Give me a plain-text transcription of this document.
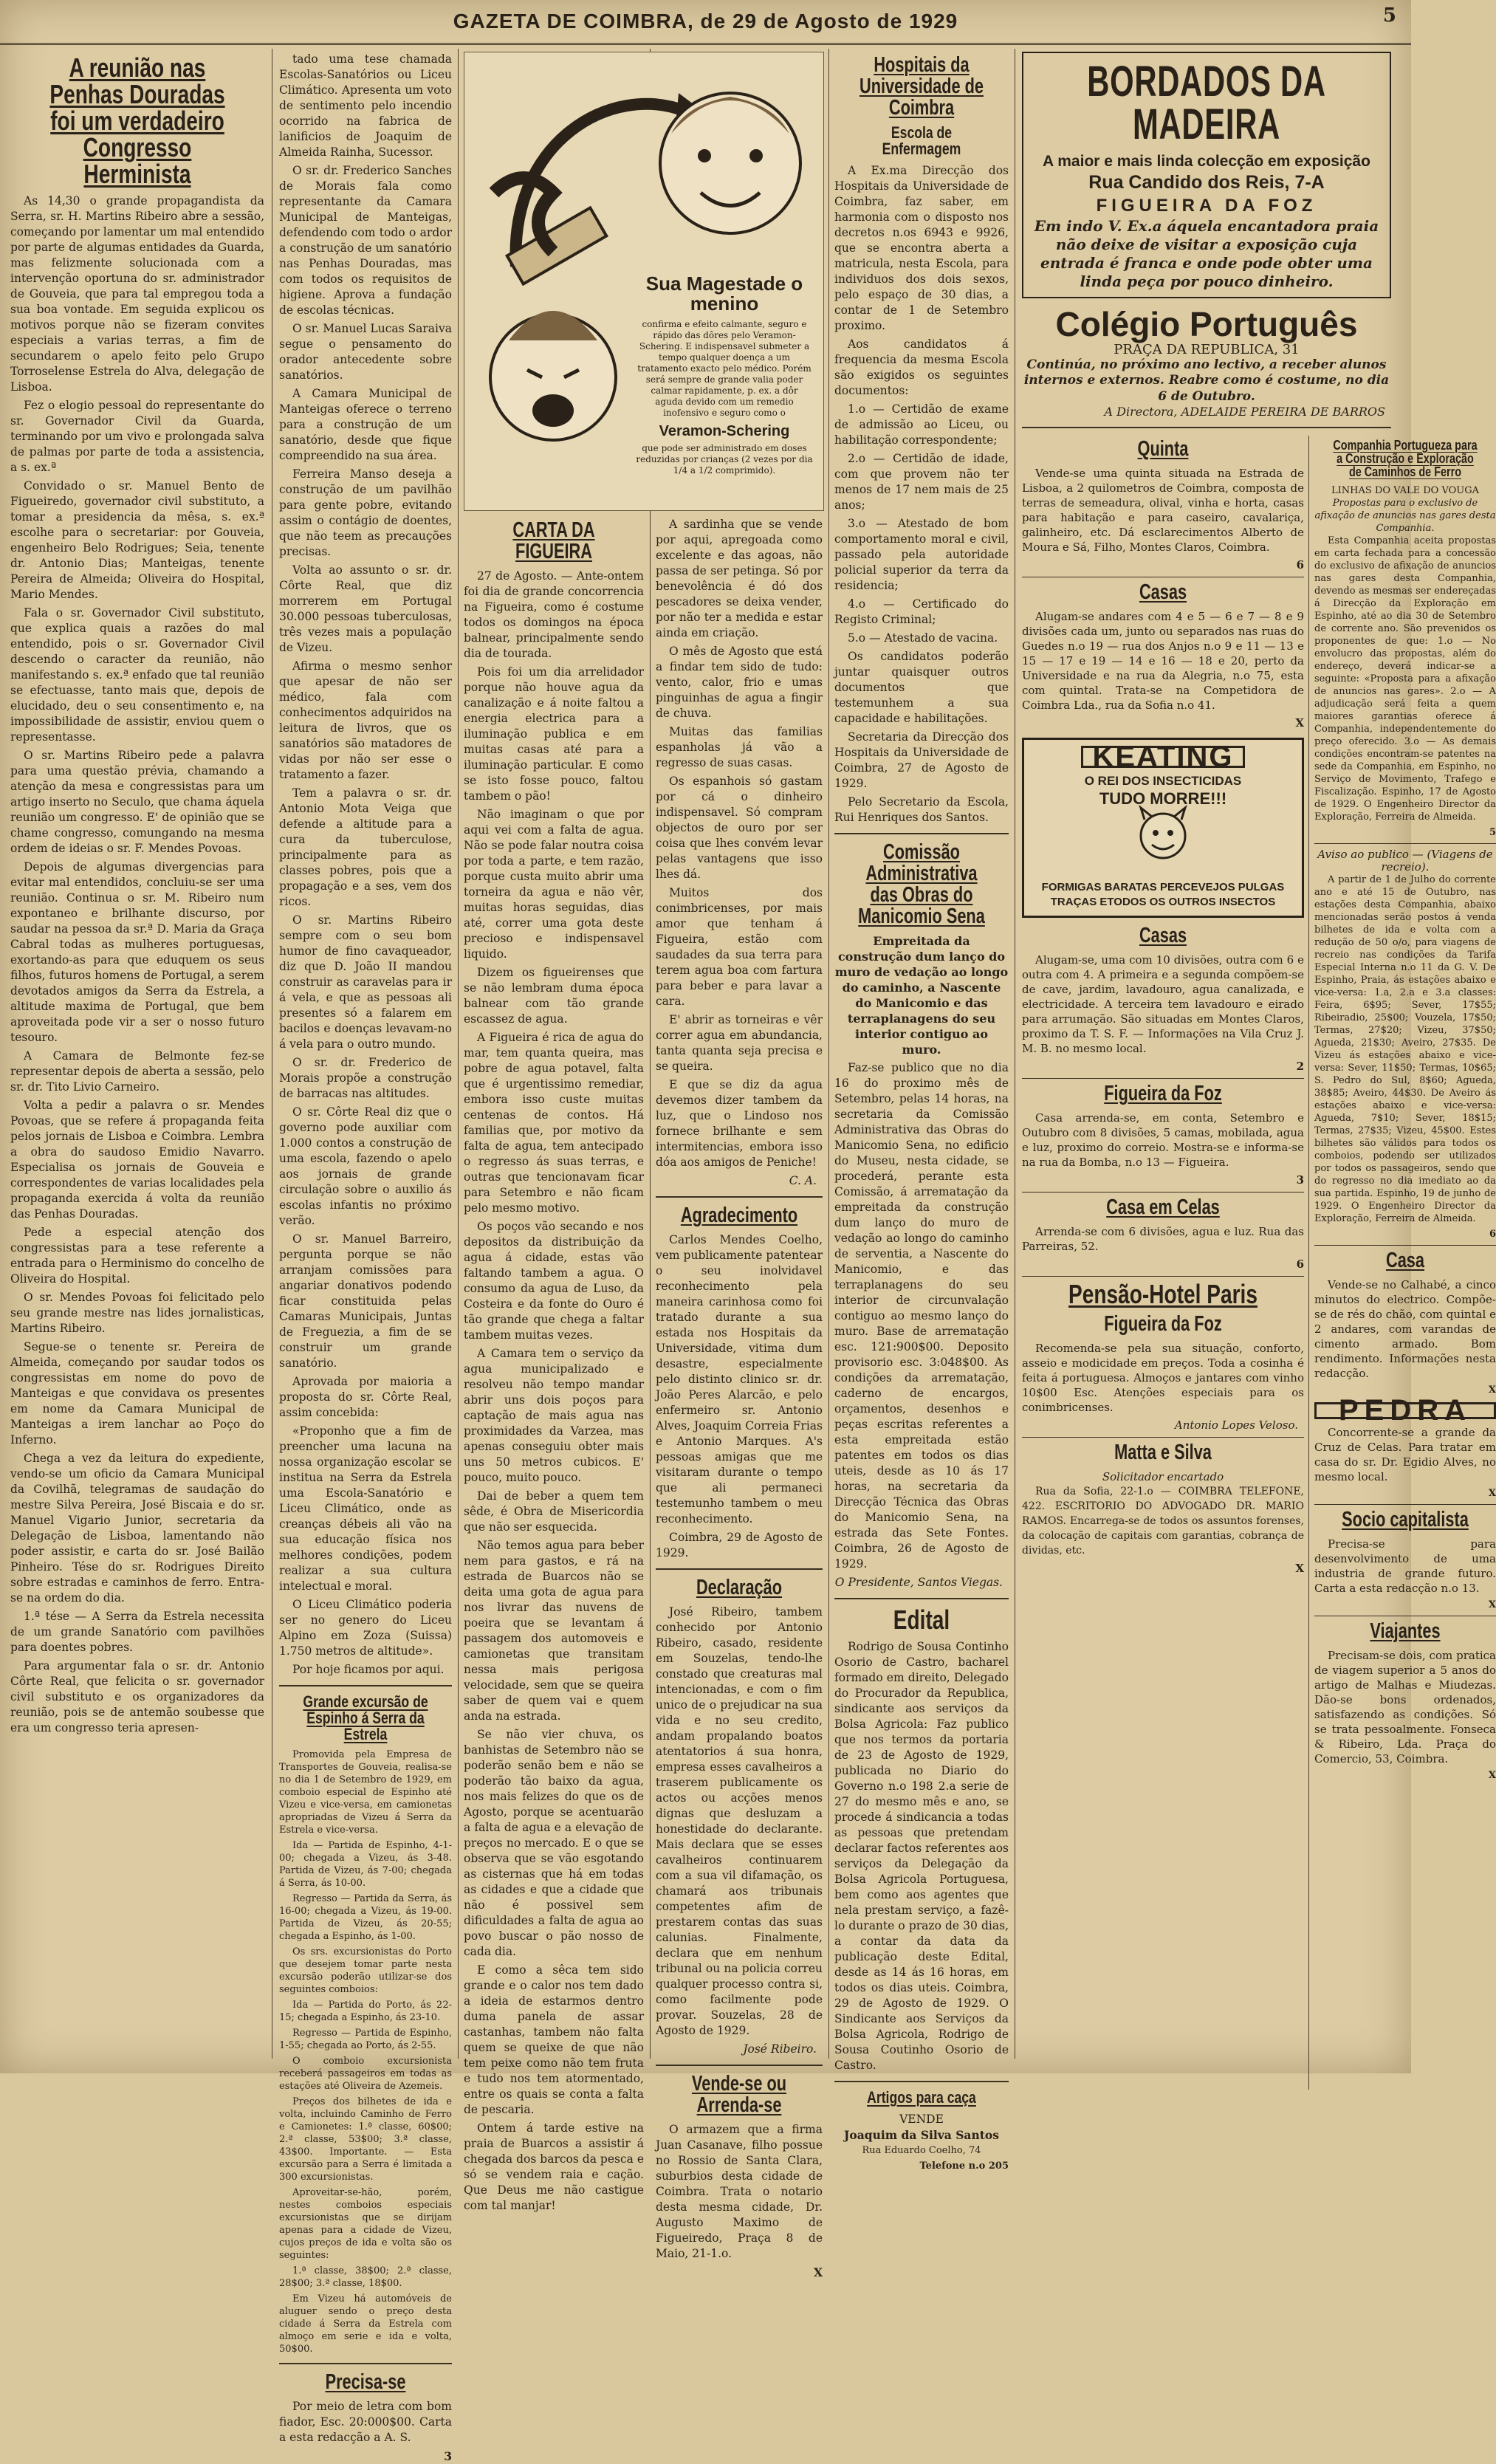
GAZETA DE COIMBRA, de 29 de Agosto de 1929	5
A reunião nas Penhas Douradas foi um verdadeiro Congresso Herminista

As 14,30 o grande propagandista da Serra, sr. H. Martins Ribeiro abre a sessão, começando por lamentar um mal entendido por parte de algumas entidades da Guarda, mas felizmente solucionada com a intervenção oportuna do sr. administrador de Gouveia, que para tal empregou toda a sua boa vontade. Em seguida explicou os motivos porque não se fizeram convites especiais a varias terras, a fim de secundarem o apelo feito pelo Grupo Torroselense Estrela do Alva, delegação de Lisboa.

Fez o elogio pessoal do representante do sr. Governador Civil da Guarda, terminando por um vivo e prolongada salva de palmas por parte de toda a assistencia, a s. ex.ª

Convidado o sr. Manuel Bento de Figueiredo, governador civil substituto, a tomar a presidencia da mêsa, s. ex.ª escolhe para o secretariar: por Gouveia, engenheiro Belo Rodrigues; Seia, tenente dr. Antonio Dias; Manteigas, tenente Pereira de Almeida; Oliveira do Hospital, Mario Mendes.

Fala o sr. Governador Civil substituto, que explica quais a razões do mal entendido, pois o sr. Governador Civil descendo o caracter da reunião, não manifestando s. ex.ª enfado que tal reunião se efectuasse, tanto mais que, depois de elucidado, deu o seu consentimento e, na impossibilidade de assistir, enviou quem o representasse.

O sr. Martins Ribeiro pede a palavra para uma questão prévia, chamando a atenção da mesa e congressistas para um artigo inserto no Seculo, que chama áquela reunião um congresso. E' de opinião que se chame congresso, comungando na mesma ordem de ideias o sr. F. Mendes Povoas.

Depois de algumas divergencias para evitar mal entendidos, concluiu-se ser uma reunião. Continua o sr. M. Ribeiro num expontaneo e brilhante discurso, por saudar na pessoa da sr.ª D. Maria da Graça Cabral todas as mulheres portuguesas, exortando-as para que eduquem os seus filhos, futuros homens de Portugal, a serem devotados amigos da Serra da Estrela, a altitude maxima de Portugal, que bem aproveitada pode vir a ser o nosso futuro tesouro.

A Camara de Belmonte fez-se representar depois de aberta a sessão, pelo sr. dr. Tito Livio Carneiro.

Volta a pedir a palavra o sr. Mendes Povoas, que se refere á propaganda feita pelos jornais de Lisboa e Coimbra. Lembra a obra do saudoso Emidio Navarro. Especialisa os jornais de Gouveia e correspondentes de varias localidades pela propaganda exercida á volta da reunião das Penhas Douradas.

Pede a especial atenção dos congressistas para a tese referente a entrada para o Herminismo do concelho de Oliveira do Hospital.

O sr. Mendes Povoas foi felicitado pelo seu grande mestre nas lides jornalisticas, Martins Ribeiro.

Segue-se o tenente sr. Pereira de Almeida, começando por saudar todos os congressistas em nome do povo de Manteigas e que convidava os presentes em nome da Camara Municipal de Manteigas a irem lanchar ao Poço do Inferno.

Chega a vez da leitura do expediente, vendo-se um oficio da Camara Municipal da Covilhã, telegramas de saudação do mestre Silva Pereira, José Biscaia e do sr. Manuel Vigario Junior, secretaria da Delegação de Lisboa, lamentando não poder assistir, e carta do sr. José Bailão Pinheiro. Tése do sr. Rodrigues Direito sobre estradas e caminhos de ferro. Entra-se na ordem do dia.

1.ª tése — A Serra da Estrela necessita de um grande Sanatório com pavilhões para doentes pobres.

Para argumentar fala o sr. dr. Antonio Côrte Real, que felicita o sr. governador civil substituto e os organizadores da reunião, pois se de antemão soubesse que era um congresso teria apresen-

tado uma tese chamada Escolas-Sanatórios ou Liceu Climático. Apresenta um voto de sentimento pelo incendio ocorrido na fabrica de lanificios de Joaquim de Almeida Rainha, Sucessor.

O sr. dr. Frederico Sanches de Morais fala como representante da Camara Municipal de Manteigas, defendendo com todo o ardor a construção de um sanatório nas Penhas Douradas, mas com todos os requisitos de higiene. Aprova a fundação de escolas técnicas.

O sr. Manuel Lucas Saraiva segue o pensamento do orador antecedente sobre sanatórios.

A Camara Municipal de Manteigas oferece o terreno para a construção de um sanatório, desde que fique compreendido na sua área.

Ferreira Manso deseja a construção de um pavilhão para gente pobre, evitando assim o contágio de doentes, que não teem as precauções precisas.

Volta ao assunto o sr. dr. Côrte Real, que diz morrerem em Portugal 30.000 pessoas tuberculosas, três vezes mais a população de Vizeu.

Afirma o mesmo senhor que apesar de não ser médico, fala com conhecimentos adquiridos na leitura de livros, que os sanatórios são matadores de vidas por não ser esse o tratamento a fazer.

Tem a palavra o sr. dr. Antonio Mota Veiga que defende a altitude para a cura da tuberculose, principalmente para as classes pobres, pois que a propagação e a ses, vem dos ricos.

O sr. Martins Ribeiro sempre com o seu bom humor de fino cavaqueador, diz que D. João II mandou construir as caravelas para ir á vela, e que as pessoas ali presentes só a falarem em bacilos e doenças levavam-no á vela para o outro mundo.

O sr. dr. Frederico de Morais propõe a construção de barracas nas altitudes.

O sr. Côrte Real diz que o governo pode auxiliar com 1.000 contos a construção de uma escola, fazendo o apelo aos jornais de grande circulação sobre o auxilio ás escolas infantis no próximo verão.

O sr. Manuel Barreiro, pergunta porque se não arranjam comissões para angariar donativos podendo ficar constituida pelas Camaras Municipais, Juntas de Freguezia, a fim de se construir um grande sanatório.

Aprovada por maioria a proposta do sr. Côrte Real, assim concebida:

«Proponho que a fim de preencher uma lacuna na nossa organização escolar se institua na Serra da Estrela uma Escola-Sanatório e Liceu Climático, onde as creanças débeis ali vão na sua educação física nos melhores condições, podem realizar a sua cultura intelectual e moral.

O Liceu Climático poderia ser no genero do Liceu Alpino em Zoza (Suissa) 1.750 metros de altitude».

Por hoje ficamos por aqui.

Grande excursão de Espinho á Serra da Estrela

Promovida pela Empresa de Transportes de Gouveia, realisa-se no dia 1 de Setembro de 1929, em comboio especial de Espinho até Vizeu e vice-versa, em camionetas apropriadas de Vizeu á Serra da Estrela e vice-versa.

Ida — Partida de Espinho, 4-1-00; chegada a Vizeu, ás 3-48. Partida de Vizeu, ás 7-00; chegada á Serra, ás 10-00.

Regresso — Partida da Serra, ás 16-00; chegada a Vizeu, ás 19-00. Partida de Vizeu, ás 20-55; chegada a Espinho, ás 1-00.

Os srs. excursionistas do Porto que desejem tomar parte nesta excursão poderão utilizar-se dos seguintes comboios:

Ida — Partida do Porto, ás 22-15; chegada a Espinho, ás 23-10.

Regresso — Partida de Espinho, 1-55; chegada ao Porto, ás 2-55.

O comboio excursionista receberá passageiros em todas as estações até Oliveira de Azemeis.

Preços dos bilhetes de ida e volta, incluindo Caminho de Ferro e Camionetes: 1.ª classe, 60$00; 2.ª classe, 53$00; 3.ª classe, 43$00. Importante. — Esta excursão para a Serra é limitada a 300 excursionistas.

Aproveitar-se-hão, porém, nestes comboios especiais excursionistas que se dirijam apenas para a cidade de Vizeu, cujos preços de ida e volta são os seguintes:

1.ª classe, 38$00; 2.ª classe, 28$00; 3.ª classe, 18$00.

Em Vizeu há automóveis de aluguer sendo o preço desta cidade á Serra da Estrela com almoço em serie e ida e volta, 50$00.

Precisa-se

Por meio de letra com bom fiador, Esc. 20:000$00. Carta a esta redacção a A. S.

3
Sua Magestade o menino
confirma e efeito calmante, seguro e rápido das dôres pelo Veramon-Schering. E indispensavel submeter a tempo qualquer doença a um tratamento exacto pelo médico. Porém será sempre de grande valia poder calmar rapidamente, p. ex. a dôr aguda devido com um remedio inofensivo e seguro como o
Veramon-Schering
que pode ser administrado em doses reduzidas por crianças (2 vezes por dia 1/4 a 1/2 comprimido).
CARTA DA FIGUEIRA

27 de Agosto. — Ante-ontem foi dia de grande concorrencia na Figueira, como é costume todos os domingos na época balnear, principalmente sendo dia de tourada.

Pois foi um dia arrelidador porque não houve agua da canalização e á noite faltou a energia electrica para a iluminação publica e em muitas casas até para a iluminação particular. E como se isto fosse pouco, faltou tambem o pão!

Não imaginam o que por aqui vei com a falta de agua. Não se pode falar noutra coisa por toda a parte, e tem razão, porque custa muito abrir uma torneira da agua e não vêr, muitas horas seguidas, dias até, correr uma gota deste precioso e indispensavel liquido.

Dizem os figueirenses que se não lembram duma época balnear com tão grande escassez de agua.

A Figueira é rica de agua do mar, tem quanta queira, mas pobre de agua potavel, falta que é urgentissimo remediar, embora isso custe muitas centenas de contos. Há familias que, por motivo da falta de agua, tem antecipado o regresso ás suas terras, e outras que tencionavam ficar para Setembro e não ficam pelo mesmo motivo.

Os poços vão secando e nos depositos da distribuição da agua á cidade, estas vão faltando tambem a agua. O consumo da agua de Luso, da Costeira e da fonte do Ouro é tão grande que chega a faltar tambem muitas vezes.

A Camara tem o serviço da agua municipalizado e resolveu não tempo mandar abrir uns dois poços para captação de mais agua nas proximidades da Varzea, mas apenas conseguiu obter mais uns 50 metros cubicos. E' pouco, muito pouco.

Dai de beber a quem tem sêde, é Obra de Misericordia que não ser esquecida.

Não temos agua para beber nem para gastos, e rá na estrada de Buarcos não se deita uma gota de agua para nos livrar das nuvens de poeira que se levantam á passagem dos automoveis e camionetas que transitam nessa mais perigosa velocidade, sem que se queira saber de quem vai e quem anda na estrada.

Se não vier chuva, os banhistas de Setembro não se poderão senão bem e não se poderão tão baixo da agua, nos mais felizes do que os de Agosto, porque se acentuarão a falta de agua e a elevação de preços no mercado. E o que se observa que se vão esgotando as cisternas que há em todas as cidades e que a cidade que não é possivel sem dificuldades a falta de agua ao povo buscar o pão nosso de cada dia.

E como a sêca tem sido grande e o calor nos tem dado a ideia de estarmos dentro duma panela de assar castanhas, tambem não falta quem se queixe de que não tem peixe como não tem fruta e tudo nos tem atormentado, entre os quais se conta a falta de pescaria.

Ontem á tarde estive na praia de Buarcos a assistir á chegada dos barcos da pesca e só se vendem raia e cação. Que Deus me não castigue com tal manjar!

A sardinha que se vende por aqui, apregoada como excelente e das agoas, não passa de ser petinga. Só por benevolência é dó dos pescadores se deixa vender, por não ter a medida e estar ainda em criação.

O mês de Agosto que está a findar tem sido de tudo: vento, calor, frio e umas pinguinhas de agua a fingir de chuva.

Muitas das familias espanholas já vão a regresso de suas casas.

Os espanhois só gastam por cá o dinheiro indispensavel. Só compram objectos de ouro por ser coisa que lhes convém levar pelas vantagens que isso lhes dá.

Muitos dos conimbricenses, por mais amor que tenham á Figueira, estão com saudades da sua terra para terem agua boa com fartura para beber e para lavar a cara.

E' abrir as torneiras e vêr correr agua em abundancia, tanta quanta seja precisa e se queira.

E que se diz da agua devemos dizer tambem da luz, que o Lindoso nos fornece brilhante e sem intermitencias, embora isso dóa aos amigos de Peniche!

C. A.
Agradecimento

Carlos Mendes Coelho, vem publicamente patentear o seu inolvidavel reconhecimento pela maneira carinhosa como foi tratado durante a sua estada nos Hospitais da Universidade, vitima dum desastre, especialmente pelo distinto clinico sr. dr. João Peres Alarcão, e pelo enfermeiro sr. Antonio Alves, Joaquim Correia Frias e Antonio Marques. A's pessoas amigas que me visitaram durante o tempo que ali permaneci testemunho tambem o meu reconhecimento.

Coimbra, 29 de Agosto de 1929.

Declaração

José Ribeiro, tambem conhecido por Antonio Ribeiro, casado, residente em Souzelas, tendo-lhe constado que creaturas mal intencionadas, e com o fim unico de o prejudicar na sua vida e no seu credito, andam propalando boatos atentatorios á sua honra, empresa esses cavalheiros a traserem publicamente os actos ou acções menos dignas que desluzam a honestidade do declarante. Mais declara que se esses cavalheiros continuarem com a sua vil difamação, os chamará aos tribunais competentes afim de prestarem contas das suas calunias. Finalmente, declara que em nenhum tribunal ou na policia correu qualquer processo contra si, como facilmente pode provar. Souzelas, 28 de Agosto de 1929.

José Ribeiro.
Vende-se ou Arrenda-se

O armazem que a firma Juan Casanave, filho possue no Rossio de Santa Clara, suburbios desta cidade de Coimbra. Trata o notario desta mesma cidade, Dr. Augusto Maximo de Figueiredo, Praça 8 de Maio, 21-1.o.

X
Hospitais da Universidade de Coimbra
Escola de Enfermagem

A Ex.ma Direcção dos Hospitais da Universidade de Coimbra, faz saber, em harmonia com o disposto nos decretos n.os 6943 e 9926, que se encontra aberta a matricula, nesta Escola, para individuos dos dois sexos, pelo espaço de 30 dias, a contar de 1 de Setembro proximo.

Aos candidatos á frequencia da mesma Escola são exigidos os seguintes documentos:

1.o — Certidão de exame de admissão ao Liceu, ou habilitação correspondente;

2.o — Certidão de idade, com que provem não ter menos de 17 nem mais de 25 anos;

3.o — Atestado de bom comportamento moral e civil, passado pela autoridade policial superior da terra da residencia;

4.o — Certificado do Registo Criminal;

5.o — Atestado de vacina.

Os candidatos poderão juntar quaisquer outros documentos que testemunhem a sua capacidade e habilitações.

Secretaria da Direcção dos Hospitais da Universidade de Coimbra, 27 de Agosto de 1929.

Pelo Secretario da Escola, Rui Henriques dos Santos.

Comissão Administrativa das Obras do Manicomio Sena
Empreitada da construção dum lanço do muro de vedação ao longo do caminho, a Nascente do Manicomio e das terraplanagens do seu interior contiguo ao muro.

Faz-se publico que no dia 16 do proximo mês de Setembro, pelas 14 horas, na secretaria da Comissão Administrativa das Obras do Manicomio Sena, no edificio do Museu, nesta cidade, se procederá, perante esta Comissão, á arrematação da empreitada da construção dum lanço do muro de vedação ao longo do caminho de serventia, a Nascente do Manicomio, e das terraplanagens do seu interior de circunvalação contiguo ao mesmo lanço do muro. Base de arrematação esc. 121:900$00. Deposito provisorio esc. 3:048$00. As condições da arrematação, caderno de encargos, orçamentos, desenhos e peças escritas referentes a esta empreitada estão patentes em todos os dias uteis, desde as 10 ás 17 horas, na secretaria da Direcção Técnica das Obras do Manicomio Sena, na estrada das Sete Fontes. Coimbra, 26 de Agosto de 1929.

O Presidente, Santos Viegas.
Edital

Rodrigo de Sousa Continho Osorio de Castro, bacharel formado em direito, Delegado do Procurador da Republica, sindicante aos serviços da Bolsa Agricola: Faz publico que nos termos da portaria de 23 de Agosto de 1929, publicada no Diario do Governo n.o 198 2.a serie de 27 do mesmo mês e ano, se procede á sindicancia a todas as pessoas que pretendam declarar factos referentes aos serviços da Delegação da Bolsa Agricola Portuguesa, bem como aos agentes que nela prestam serviço, a fazê-lo durante o prazo de 30 dias, a contar da data da publicação deste Edital, desde as 14 ás 16 horas, em todos os dias uteis. Coimbra, 29 de Agosto de 1929. O Sindicante aos Serviços da Bolsa Agricola, Rodrigo de Sousa Coutinho Osorio de Castro.

Artigos para caça
VENDE
Joaquim da Silva Santos
Rua Eduardo Coelho, 74
Telefone n.o 205
BORDADOS DA MADEIRA
A maior e mais linda colecção em exposição
Rua Candido dos Reis, 7-A
FIGUEIRA DA FOZ
Em indo V. Ex.a áquela encantadora praia não deixe de visitar a exposição cuja entrada é franca e onde pode obter uma linda peça por pouco dinheiro.
Colégio Português
PRAÇA DA REPUBLICA, 31
Continúa, no próximo ano lectivo, a receber alunos internos e externos. Reabre como é costume, no dia 6 de Outubro.
A Directora, ADELAIDE PEREIRA DE BARROS
Quinta

Vende-se uma quinta situada na Estrada de Lisboa, a 2 quilometros de Coimbra, composta de terras de semeadura, olival, vinha e horta, casas para habitação e para caseiro, cavalariça, galinheiro, etc. Dá esclarecimentos Alberto de Moura e Sá, Filho, Montes Claros, Coimbra.

6
Casas

Alugam-se andares com 4 e 5 — 6 e 7 — 8 e 9 divisões cada um, junto ou separados nas ruas do Guedes n.o 19 — rua dos Anjos n.o 9 e 11 — 13 e 15 — 17 e 19 — 14 e 16 — 18 e 20, perto da Universidade e na rua da Alegria, n.o 75, esta com quintal. Trata-se na Competidora de Coimbra Lda., rua da Sofia n.o 41.

X
KEATING
O REI DOS INSECTICIDAS
TUDO MORRE!!!
FORMIGAS BARATAS PERCEVEJOS PULGAS TRAÇAS ETODOS OS OUTROS INSECTOS
Casas

Alugam-se, uma com 10 divisões, outra com 6 e outra com 4. A primeira e a segunda compõem-se de cave, jardim, lavadouro, agua canalizada, e electricidade. A terceira tem lavadouro e eirado para arrumação. São situadas em Montes Claros, proximo da T. S. F. — Informações na Vila Cruz J. M. B. no mesmo local.

2
Figueira da Foz

Casa arrenda-se, em conta, Setembro e Outubro com 8 divisões, 5 camas, mobilada, agua e luz, proximo do correio. Mostra-se e informa-se na rua da Bomba, n.o 13 — Figueira.

3
Casa em Celas

Arrenda-se com 6 divisões, agua e luz. Rua das Parreiras, 52.

6
Pensão-Hotel Paris
Figueira da Foz

Recomenda-se pela sua situação, conforto, asseio e modicidade em preços. Toda a cosinha é feita á portuguesa. Almoços e jantares com vinho 10$00 Esc. Atenções especiais para os conimbricenses.

Antonio Lopes Veloso.
Matta e Silva
Solicitador encartado

Rua da Sofia, 22-1.o — COIMBRA TELEFONE, 422. ESCRITORIO DO ADVOGADO DR. MARIO RAMOS. Encarrega-se de todos os assuntos forenses, da colocação de capitais com garantias, cobrança de dividas, etc.

X
Companhia Portugueza para a Construção e Exploração de Caminhos de Ferro
LINHAS DO VALE DO VOUGA
Propostas para o exclusivo de afixação de anuncios nas gares desta Companhia.

Esta Companhia aceita propostas em carta fechada para a concessão do exclusivo de afixação de anuncios nas gares desta Companhia, devendo as mesmas ser endereçadas á Direcção da Exploração em Espinho, até ao dia 30 de Setembro de corrente ano. São prevenidos os proponentes de que: 1.o — No envolucro das propostas, além do endereço, deverá indicar-se a seguinte: «Proposta para a afixação de anuncios nas gares». 2.o — A adjudicação será feita a quem maiores garantias oferece á Companhia, independentemente do preço oferecido. 3.o — As demais condições encontram-se patentes na sede da Companhia, em Espinho, no Serviço de Movimento, Trafego e Fiscalização. Espinho, 17 de Agosto de 1929. O Engenheiro Director da Exploração, Ferreira de Almeida.

5
Aviso ao publico — (Viagens de recreio).

A partir de 1 de Julho do corrente ano e até 15 de Outubro, nas estações desta Companhia, abaixo mencionadas serão postos á venda bilhetes de ida e volta com a redução de 50 o/o, para viagens de recreio nas condições da Tarifa Especial Interna n.o 11 da G. V. De Espinho, Praia, ás estações abaixo e vice-versa: 1.a, 2.a e 3.a classes: Feira, 6$95; Sever, 17$55; Ribeiradio, 25$00; Vouzela, 17$50; Termas, 27$20; Vizeu, 37$50; Agueda, 21$30; Aveiro, 27$35. De Vizeu ás estações abaixo e vice-versa: Sever, 11$50; Termas, 10$65; S. Pedro do Sul, 8$60; Agueda, 38$85; Aveiro, 44$30. De Aveiro ás estações abaixo e vice-versa: Agueda, 7$10; Sever, 18$15; Termas, 27$35; Vizeu, 45$00. Estes bilhetes são válidos para todos os comboios, podendo ser utilizados por todos os passageiros, sendo que do regresso no dia imediato ao da sua partida. Espinho, 19 de junho de 1929. O Engenheiro Director da Exploração, Ferreira de Almeida.

6
Casa

Vende-se no Calhabé, a cinco minutos do electrico. Compõe-se de rés do chão, com quintal e 2 andares, com varandas de cimento armado. Bom rendimento. Informações nesta redacção.

X
PEDRA

Concorrente-se a grande da Cruz de Celas. Para tratar em casa do sr. Dr. Egidio Alves, no mesmo local.

X
Socio capitalista

Precisa-se para desenvolvimento de uma industria de grande futuro. Carta a esta redacção n.o 13.

X
Viajantes

Precisam-se dois, com pratica de viagem superior a 5 anos do artigo de Malhas e Miudezas. Dão-se bons ordenados, satisfazendo as condições. Só se trata pessoalmente. Fonseca & Ribeiro, Lda. Praça do Comercio, 53, Coimbra.

X
